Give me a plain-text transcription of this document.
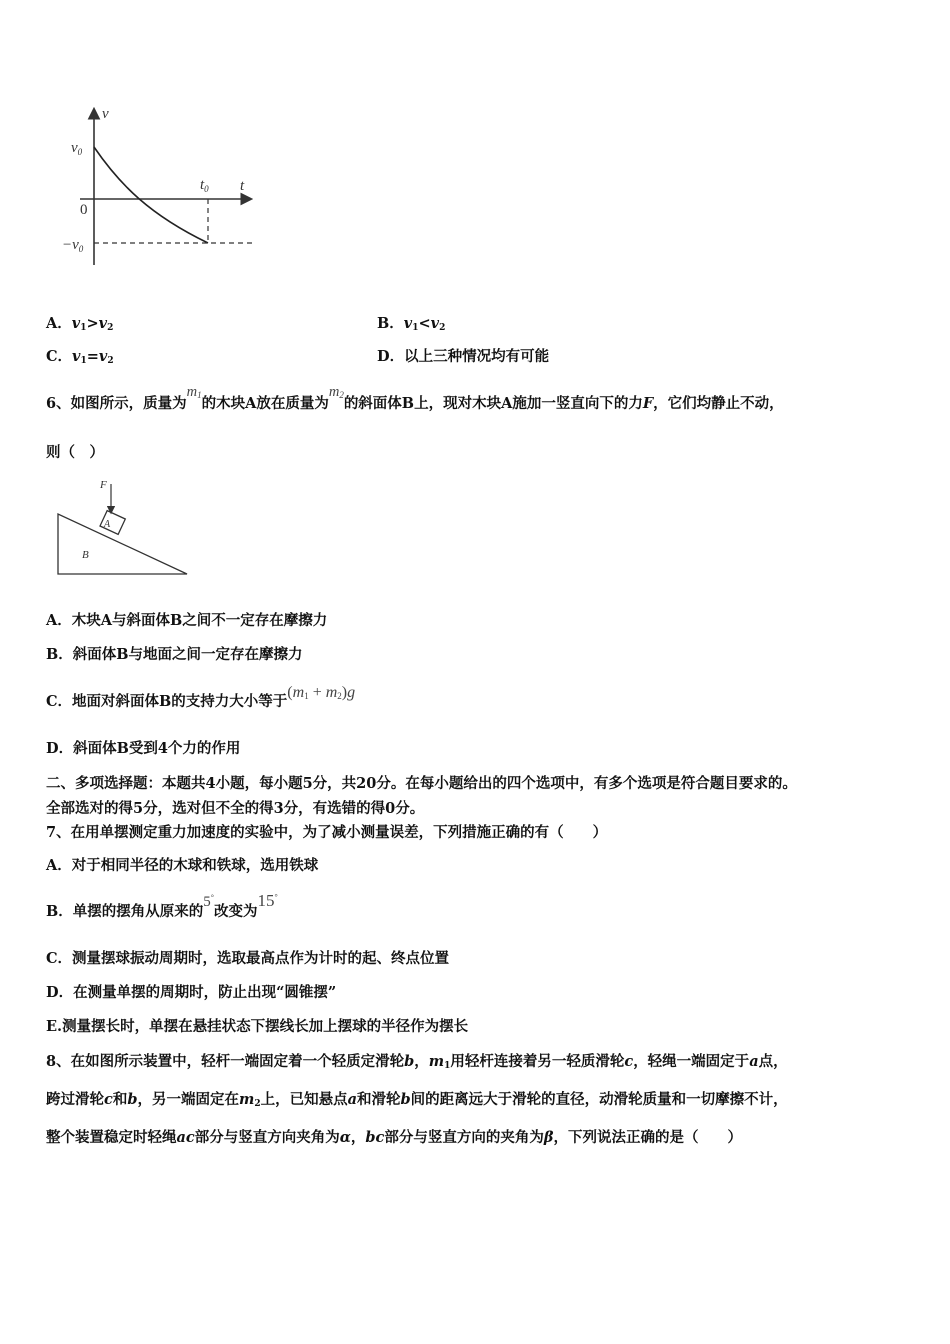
v
t
$v_0$
0
$-v_0$
$t_0$
A．$v_1>v_2$	B．$v_1<v_2$
C．$v_1=v_2$	D．以上三种情况均有可能
6、如图所示，质量为$m_1$的木块A放在质量为$m_2$的斜面体B上，现对木块A施加一竖直向下的力F，它们均静止不动，
则（　）
F
A
B
A．木块A与斜面体B之间不一定存在摩擦力
B．斜面体B与地面之间一定存在摩擦力
C．地面对斜面体B的支持力大小等于$(m_1 + m_2)g$
D．斜面体B受到4个力的作用
二、多项选择题：本题共4小题，每小题5分，共20分。在每小题给出的四个选项中，有多个选项是符合题目要求的。
全部选对的得5分，选对但不全的得3分，有选错的得0分。
7、在用单摆测定重力加速度的实验中，为了减小测量误差，下列措施正确的有（　　）
A．对于相同半径的木球和铁球，选用铁球
B．单摆的摆角从原来的5°改变为15°
C．测量摆球振动周期时，选取最高点作为计时的起、终点位置
D．在测量单摆的周期时，防止出现“圆锥摆”
E.测量摆长时，单摆在悬挂状态下摆线长加上摆球的半径作为摆长
8、在如图所示装置中，轻杆一端固定着一个轻质定滑轮b，$m_1$用轻杆连接着另一轻质滑轮c，轻绳一端固定于a点，
跨过滑轮c和b，另一端固定在$m_2$上，已知悬点a和滑轮b间的距离远大于滑轮的直径，动滑轮质量和一切摩擦不计，
整个装置稳定时轻绳ac部分与竖直方向夹角为α，bc部分与竖直方向的夹角为β，下列说法正确的是（　　）
